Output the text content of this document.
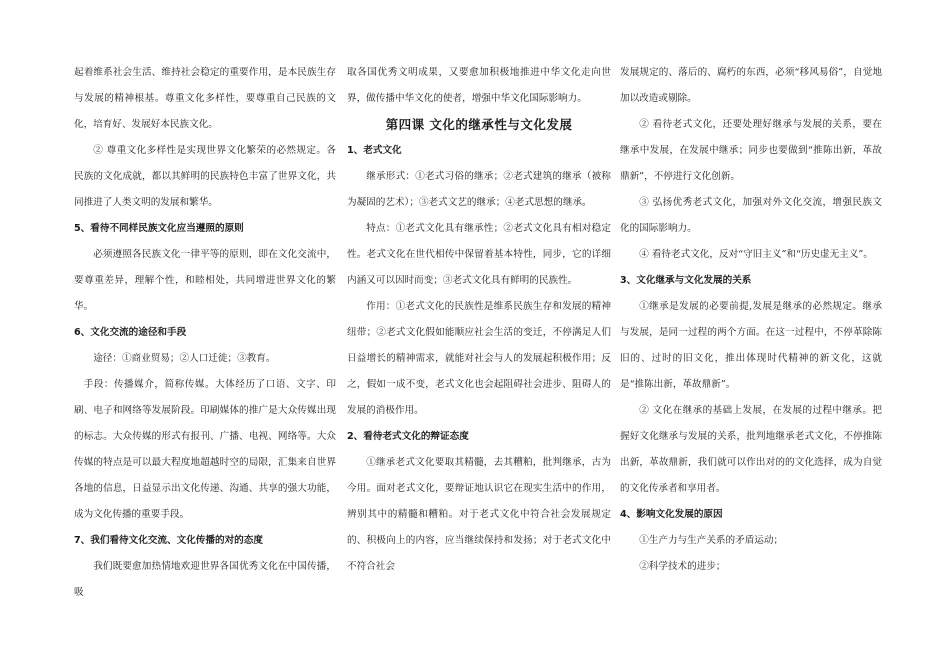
起着维系社会生活、维持社会稳定的重要作用，是本民族生存与发展的精神根基。尊重文化多样性，要尊重自己民族的文化，培育好、发展好本民族文化。

② 尊重文化多样性是实现世界文化繁荣的必然规定。各民族的文化成就，都以其鲜明的民族特色丰富了世界文化，共同推进了人类文明的发展和繁华。

5、看待不同样民族文化应当遵照的原则

必须遵照各民族文化一律平等的原则，即在文化交流中，要尊重差异，理解个性，和睦相处，共同增进世界文化的繁华。

6、文化交流的途径和手段

途径：①商业贸易；②人口迁徙；③教育。

手段：传播媒介，简称传媒。大体经历了口语、文字、印刷、电子和网络等发展阶段。印刷媒体的推广是大众传媒出现的标志。大众传媒的形式有报刊、广播、电视、网络等。大众传媒的特点是可以最大程度地超越时空的局限，汇集来自世界各地的信息，日益显示出文化传递、沟通、共享的强大功能，成为文化传播的重要手段。

7、我们看待文化交流、文化传播的对的态度

我们既要愈加热情地欢迎世界各国优秀文化在中国传播，吸

取各国优秀文明成果，又要愈加积极地推进中华文化走向世界，做传播中华文化的使者，增强中华文化国际影响力。

第四课 文化的继承性与文化发展
1、老式文化

继承形式：①老式习俗的继承；②老式建筑的继承（被称为凝固的艺术）；③老式文艺的继承；④老式思想的继承。

特点：①老式文化具有继承性；②老式文化具有相对稳定性。老式文化在世代相传中保留着基本特性，同步，它的详细内涵又可以因时而变；③老式文化具有鲜明的民族性。

作用：①老式文化的民族性是维系民族生存和发展的精神纽带；②老式文化假如能顺应社会生活的变迁，不停满足人们日益增长的精神需求，就能对社会与人的发展起积极作用；反之，假如一成不变，老式文化也会起阻碍社会进步、阻碍人的发展的消极作用。

2、看待老式文化的辩证态度

①继承老式文化要取其精髓，去其糟粕，批判继承，古为今用。面对老式文化，要辩证地认识它在现实生活中的作用，辨别其中的精髓和糟粕。对于老式文化中符合社会发展规定的、积极向上的内容，应当继续保持和发扬；对于老式文化中不符合社会

发展规定的、落后的、腐朽的东西，必须“移风易俗”，自觉地加以改造或剔除。

② 看待老式文化，还要处理好继承与发展的关系，要在继承中发展，在发展中继承；同步也要做到“推陈出新，革故鼎新”，不停进行文化创新。

③ 弘扬优秀老式文化，加强对外文化交流，增强民族文化的国际影响力。

④ 看待老式文化，反对“守旧主义”和“历史虚无主义”。

3、文化继承与文化发展的关系

①继承是发展的必要前提,发展是继承的必然规定。继承与发展，是同一过程的两个方面。在这一过程中，不停革除陈旧的、过时的旧文化，推出体现时代精神的新文化，这就是“推陈出新，革故鼎新”。

② 文化在继承的基础上发展，在发展的过程中继承。把握好文化继承与发展的关系，批判地继承老式文化，不停推陈出新，革故鼎新，我们就可以作出对的的文化选择，成为自觉的文化传承者和享用者。

4、影响文化发展的原因

①生产力与生产关系的矛盾运动；

②科学技术的进步；
